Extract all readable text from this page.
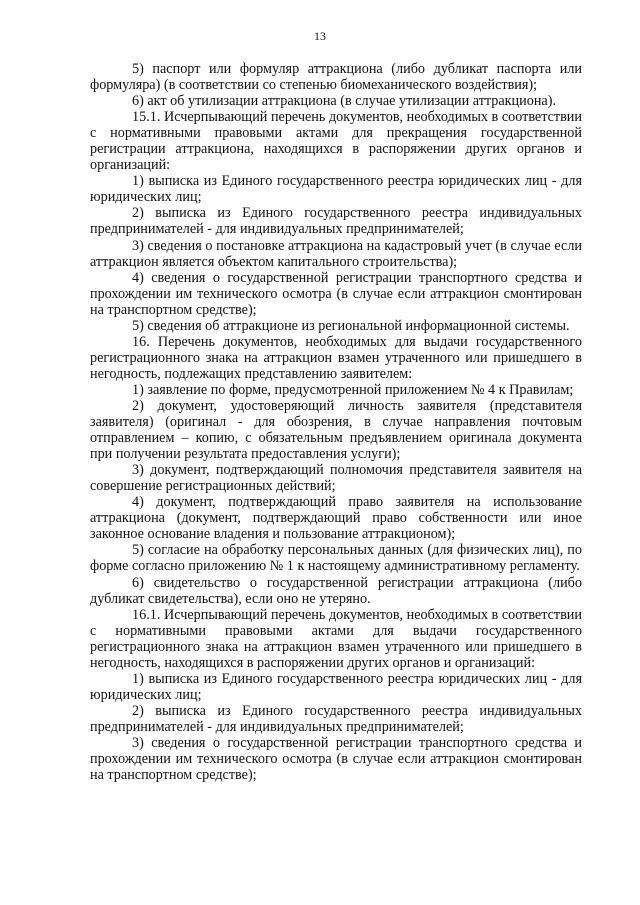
13

5) паспорт или формуляр аттракциона (либо дубликат паспорта или формуляра) (в соответствии со степенью биомеханического воздействия);

6) акт об утилизации аттракциона (в случае утилизации аттракциона).

15.1. Исчерпывающий перечень документов, необходимых в соответствии с нормативными правовыми актами для прекращения государственной регистрации аттракциона, находящихся в распоряжении других органов и организаций:

1) выписка из Единого государственного реестра юридических лиц - для юридических лиц;

2) выписка из Единого государственного реестра индивидуальных предпринимателей - для индивидуальных предпринимателей;

3) сведения о постановке аттракциона на кадастровый учет (в случае если аттракцион является объектом капитального строительства);

4) сведения о государственной регистрации транспортного средства и прохождении им технического осмотра (в случае если аттракцион смонтирован на транспортном средстве);

5) сведения об аттракционе из региональной информационной системы.

16. Перечень документов, необходимых для выдачи государственного регистрационного знака на аттракцион взамен утраченного или пришедшего в негодность, подлежащих представлению заявителем:

1) заявление по форме, предусмотренной приложением № 4 к Правилам;

2) документ, удостоверяющий личность заявителя (представителя заявителя) (оригинал - для обозрения, в случае направления почтовым отправлением – копию, с обязательным предъявлением оригинала документа при получении результата предоставления услуги);

3) документ, подтверждающий полномочия представителя заявителя на совершение регистрационных действий;

4) документ, подтверждающий право заявителя на использование аттракциона (документ, подтверждающий право собственности или иное законное основание владения и пользование аттракционом);

5) согласие на обработку персональных данных (для физических лиц), по форме согласно приложению № 1 к настоящему административному регламенту.

6) свидетельство о государственной регистрации аттракциона (либо дубликат свидетельства), если оно не утеряно.

16.1. Исчерпывающий перечень документов, необходимых в соответствии с нормативными правовыми актами для выдачи государственного регистрационного знака на аттракцион взамен утраченного или пришедшего в негодность, находящихся в распоряжении других органов и организаций:

1) выписка из Единого государственного реестра юридических лиц - для юридических лиц;

2) выписка из Единого государственного реестра индивидуальных предпринимателей - для индивидуальных предпринимателей;

3) сведения о государственной регистрации транспортного средства и прохождении им технического осмотра (в случае если аттракцион смонтирован на транспортном средстве);
